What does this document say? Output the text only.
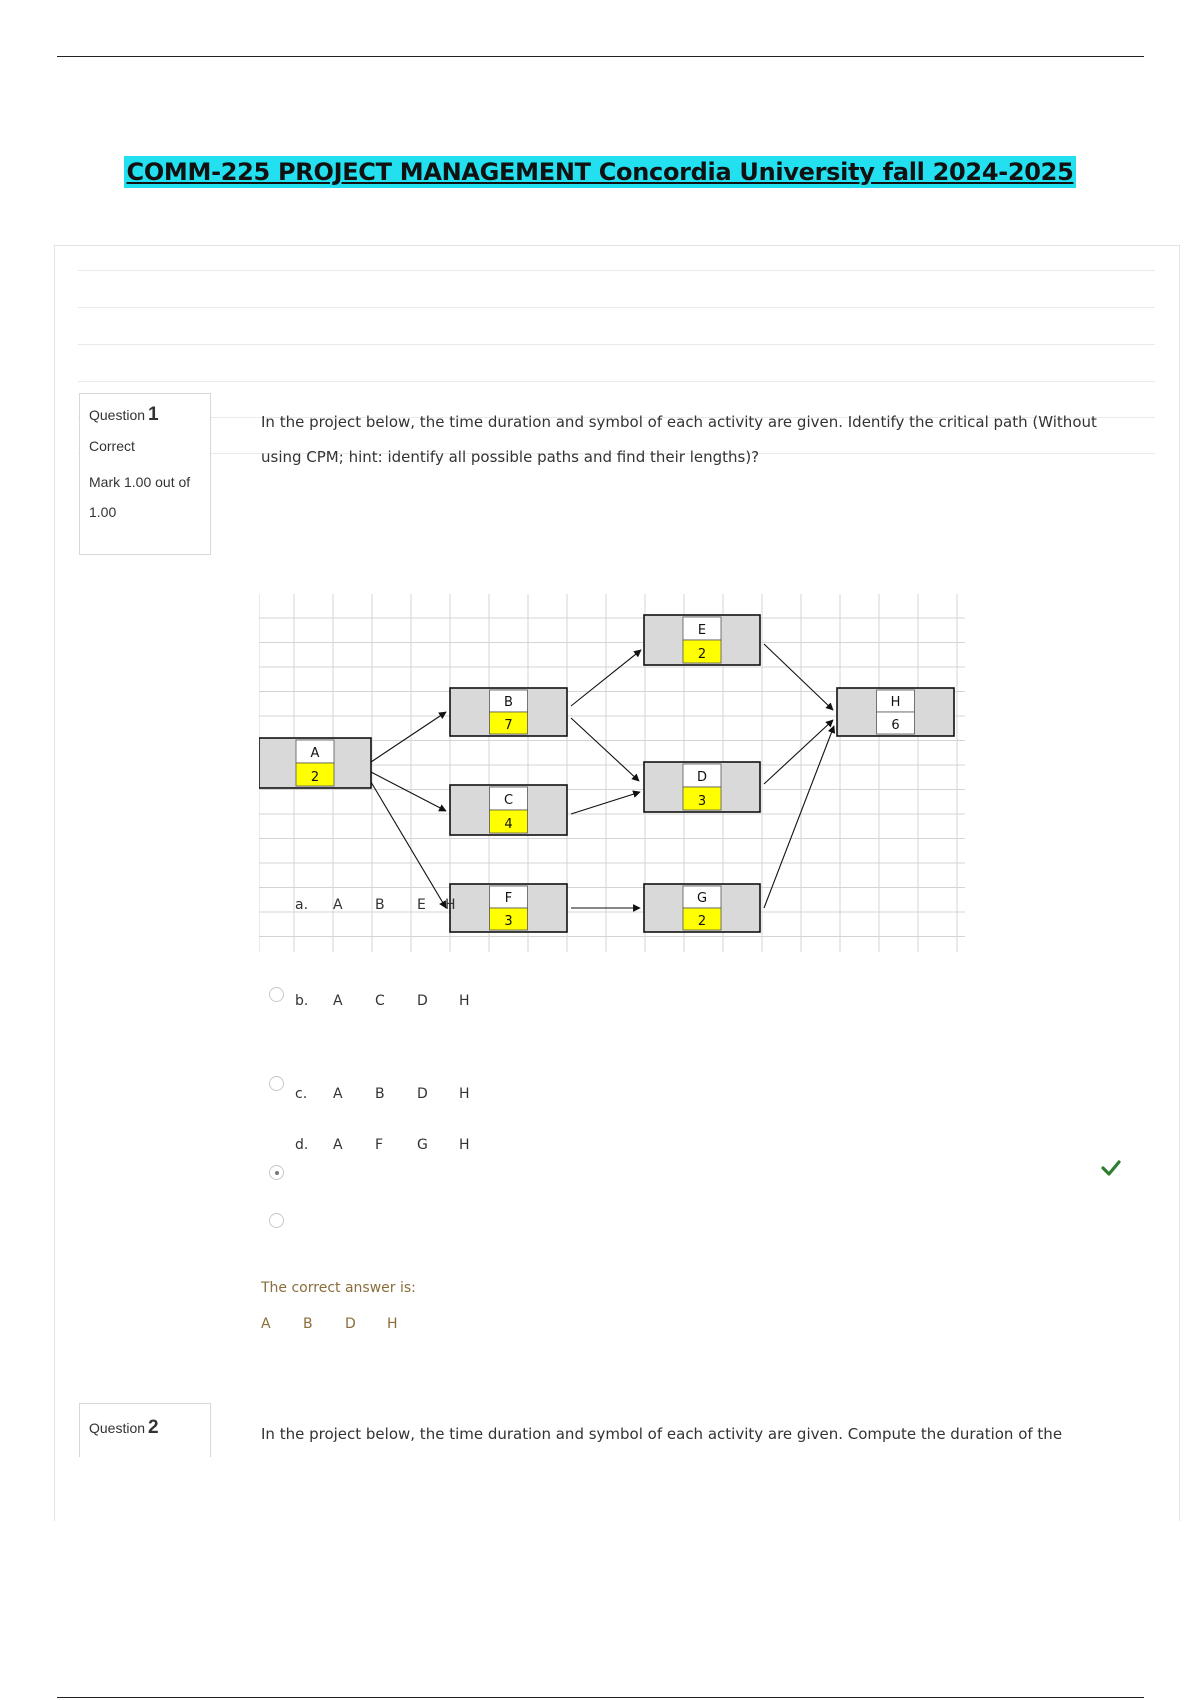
COMM-225 PROJECT MANAGEMENT Concordia University fall 2024-2025
Question 1
Correct
Mark 1.00 out of
1.00
In the project below, the time duration and symbol of each activity are given. Identify the critical path (Without
using CPM; hint: identify all possible paths and find their lengths)?
A
2
B
7
C
4
F
3
E
2
D
3
G
2
H
6
a. A B E H
b. A C D H
c. A B D H
d. A F G H
The correct answer is:
A B D H
Question 2	In the project below, the time duration and symbol of each activity are given. Compute the duration of the
